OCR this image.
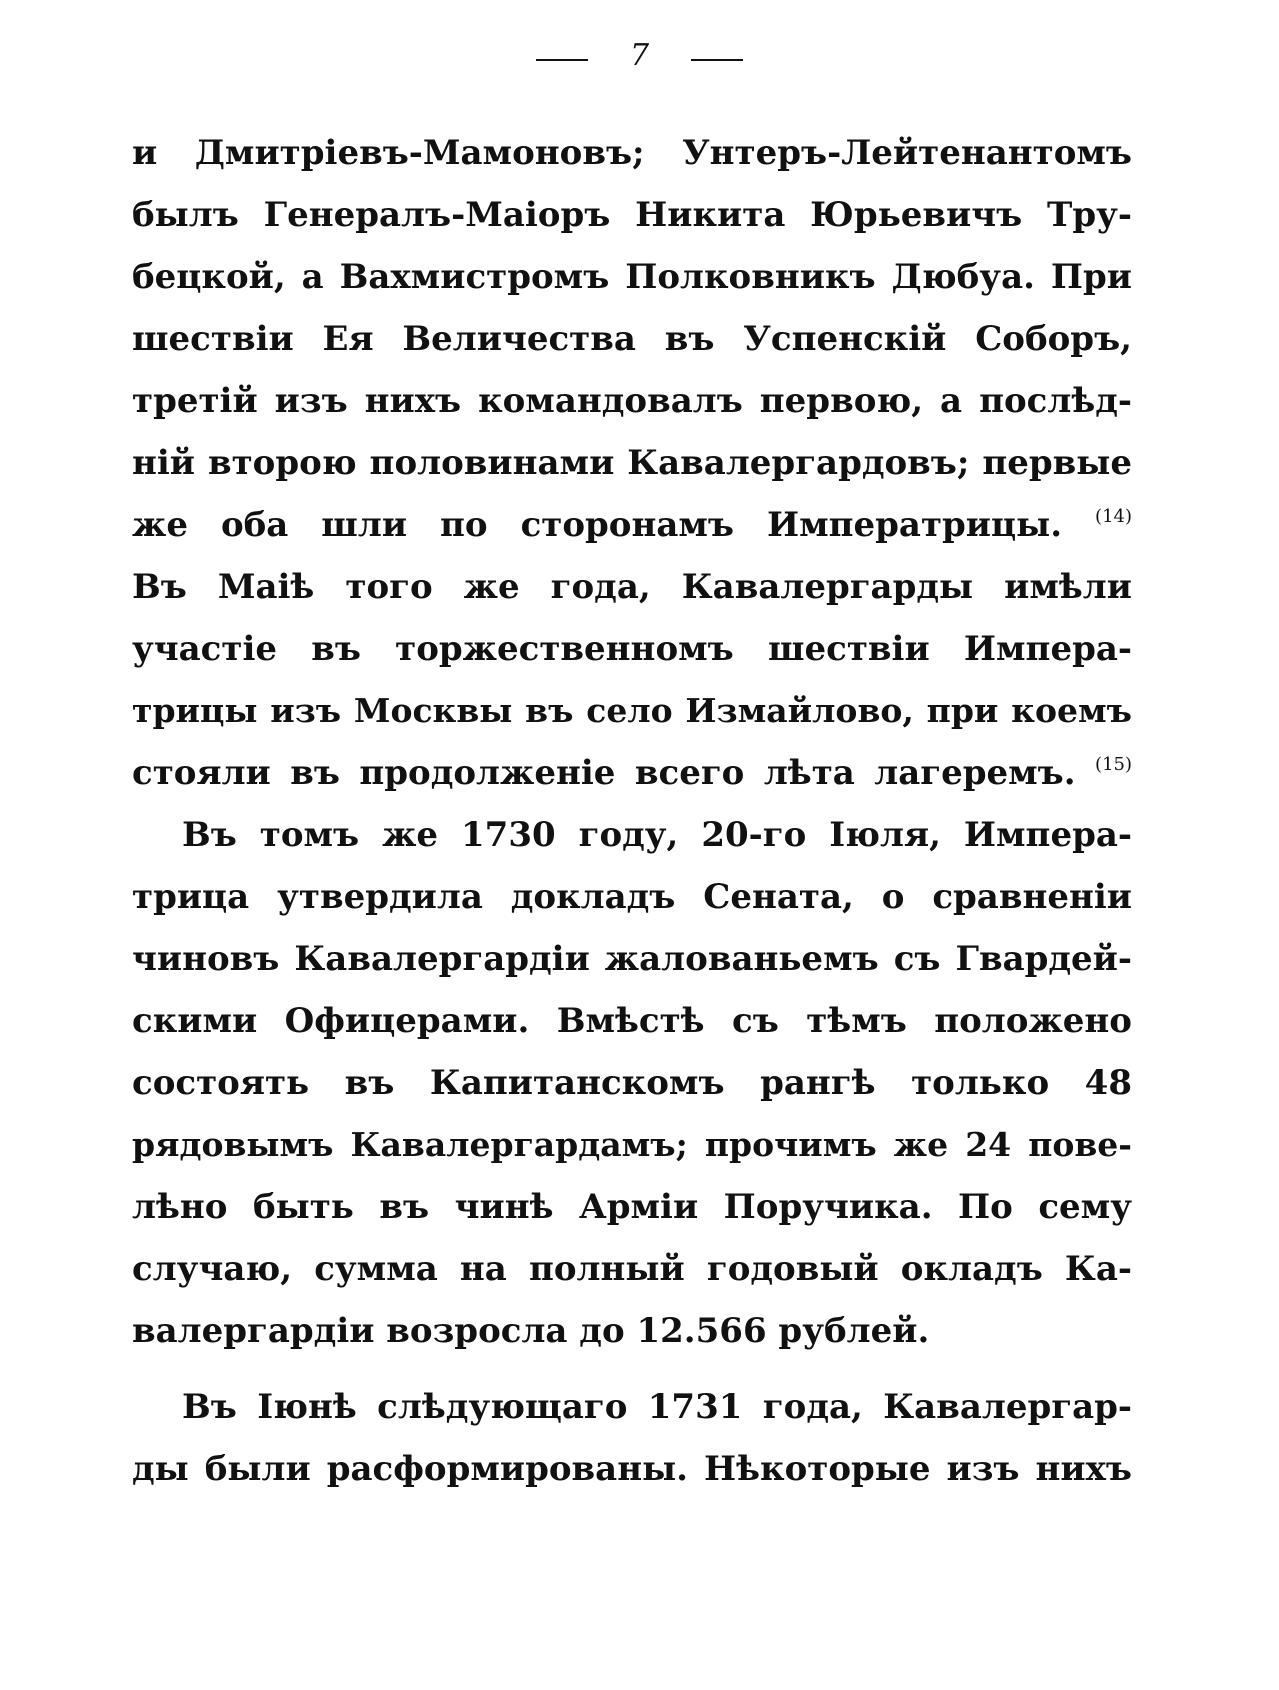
7
и Дмитріевъ-Мамоновъ; Унтеръ-Лейтенантомъ
былъ Генералъ-Маіоръ Никита Юрьевичъ Тру-
бецкой, а Вахмистромъ Полковникъ Дюбуа. При
шествіи Ея Величества въ Успенскій Соборъ,
третій изъ нихъ командовалъ первою, а послѣд-
ній второю половинами Кавалергардовъ; первые
же оба шли по сторонамъ Императрицы. $^{(14)}$
Въ Маіѣ того же года, Кавалергарды имѣли
участіе въ торжественномъ шествіи Импера-
трицы изъ Москвы въ село Измайлово, при коемъ
стояли въ продолженіе всего лѣта лагеремъ. $^{(15)}$
Въ томъ же 1730 году, 20-го Іюля, Импера-
трица утвердила докладъ Сената, о сравненіи
чиновъ Кавалергардіи жалованьемъ съ Гвардей-
скими Офицерами. Вмѣстѣ съ тѣмъ положено
состоять въ Капитанскомъ рангѣ только 48
рядовымъ Кавалергардамъ; прочимъ же 24 пове-
лѣно быть въ чинѣ Арміи Поручика. По сему
случаю, сумма на полный годовый окладъ Ка-
валергардіи возросла до 12.566 рублей.
Въ Іюнѣ слѣдующаго 1731 года, Кавалергар-
ды были расформированы. Нѣкоторые изъ нихъ
